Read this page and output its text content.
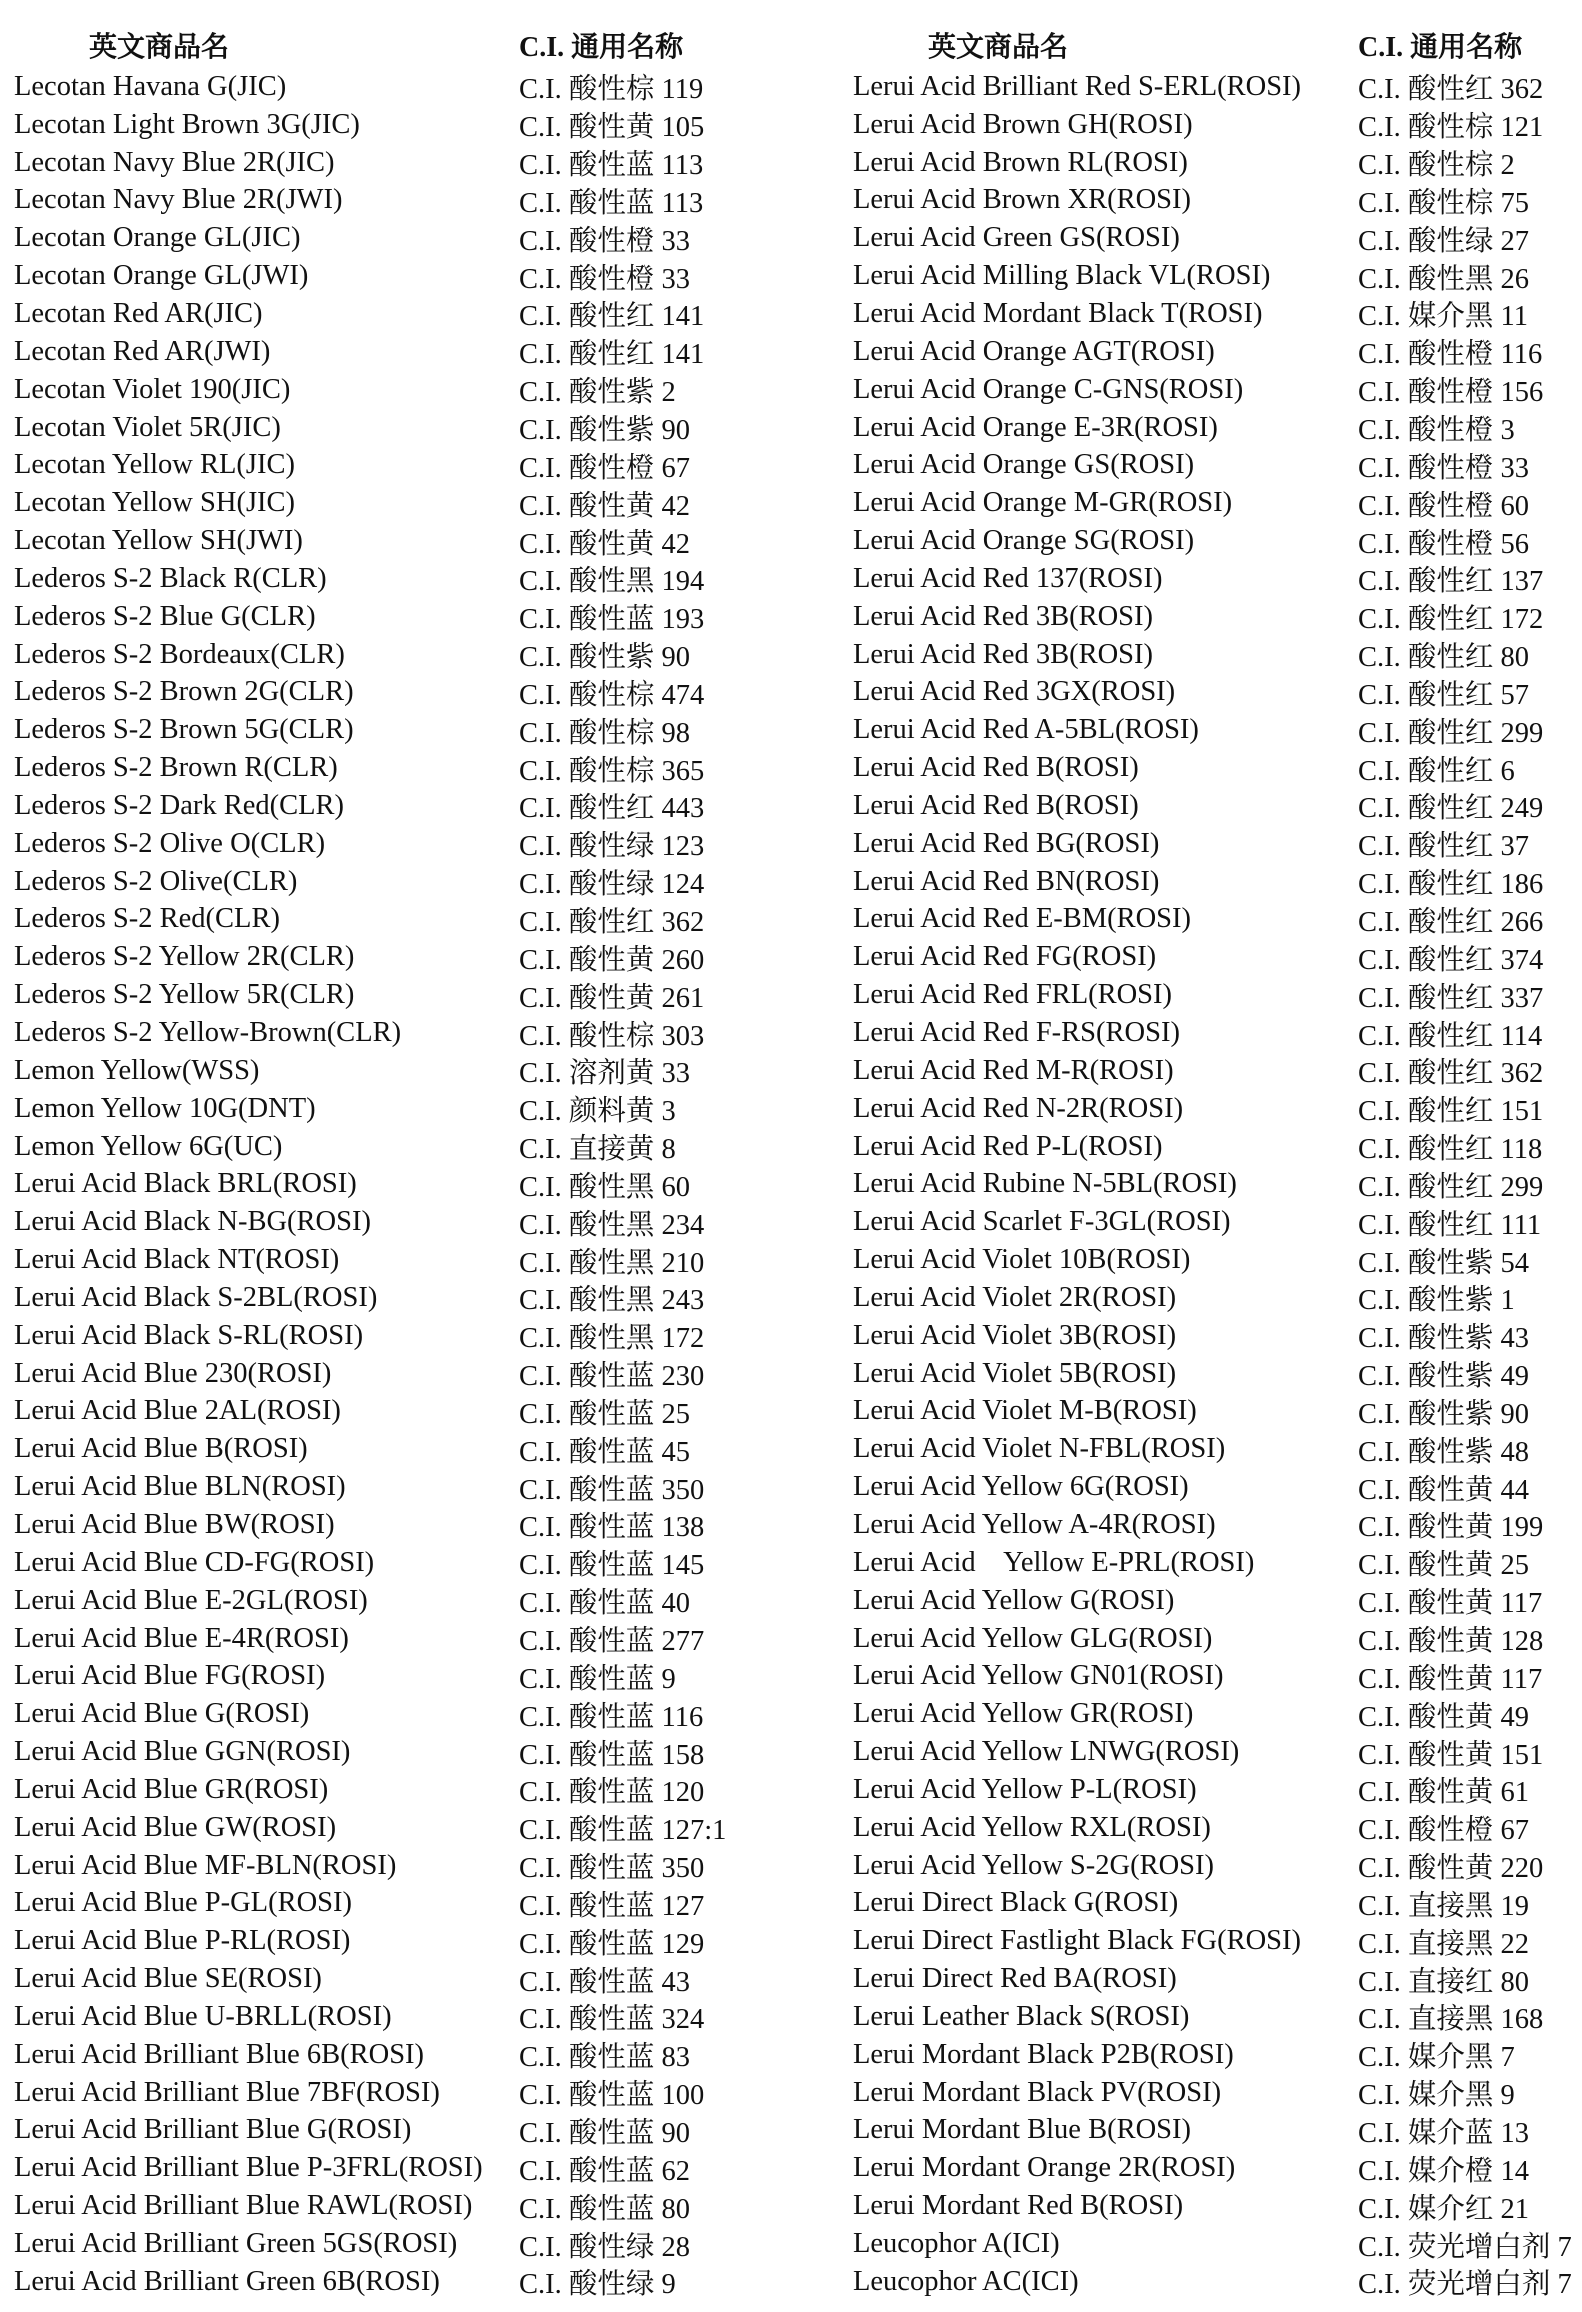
英文商品名	C.I. 通用名称
Lecotan Havana G(JIC)	C.I. 酸性棕 119
Lecotan Light Brown 3G(JIC)	C.I. 酸性黄 105
Lecotan Navy Blue 2R(JIC)	C.I. 酸性蓝 113
Lecotan Navy Blue 2R(JWI)	C.I. 酸性蓝 113
Lecotan Orange GL(JIC)	C.I. 酸性橙 33
Lecotan Orange GL(JWI)	C.I. 酸性橙 33
Lecotan Red AR(JIC)	C.I. 酸性红 141
Lecotan Red AR(JWI)	C.I. 酸性红 141
Lecotan Violet 190(JIC)	C.I. 酸性紫 2
Lecotan Violet 5R(JIC)	C.I. 酸性紫 90
Lecotan Yellow RL(JIC)	C.I. 酸性橙 67
Lecotan Yellow SH(JIC)	C.I. 酸性黄 42
Lecotan Yellow SH(JWI)	C.I. 酸性黄 42
Lederos S-2 Black R(CLR)	C.I. 酸性黑 194
Lederos S-2 Blue G(CLR)	C.I. 酸性蓝 193
Lederos S-2 Bordeaux(CLR)	C.I. 酸性紫 90
Lederos S-2 Brown 2G(CLR)	C.I. 酸性棕 474
Lederos S-2 Brown 5G(CLR)	C.I. 酸性棕 98
Lederos S-2 Brown R(CLR)	C.I. 酸性棕 365
Lederos S-2 Dark Red(CLR)	C.I. 酸性红 443
Lederos S-2 Olive O(CLR)	C.I. 酸性绿 123
Lederos S-2 Olive(CLR)	C.I. 酸性绿 124
Lederos S-2 Red(CLR)	C.I. 酸性红 362
Lederos S-2 Yellow 2R(CLR)	C.I. 酸性黄 260
Lederos S-2 Yellow 5R(CLR)	C.I. 酸性黄 261
Lederos S-2 Yellow-Brown(CLR)	C.I. 酸性棕 303
Lemon Yellow(WSS)	C.I. 溶剂黄 33
Lemon Yellow 10G(DNT)	C.I. 颜料黄 3
Lemon Yellow 6G(UC)	C.I. 直接黄 8
Lerui Acid Black BRL(ROSI)	C.I. 酸性黑 60
Lerui Acid Black N-BG(ROSI)	C.I. 酸性黑 234
Lerui Acid Black NT(ROSI)	C.I. 酸性黑 210
Lerui Acid Black S-2BL(ROSI)	C.I. 酸性黑 243
Lerui Acid Black S-RL(ROSI)	C.I. 酸性黑 172
Lerui Acid Blue 230(ROSI)	C.I. 酸性蓝 230
Lerui Acid Blue 2AL(ROSI)	C.I. 酸性蓝 25
Lerui Acid Blue B(ROSI)	C.I. 酸性蓝 45
Lerui Acid Blue BLN(ROSI)	C.I. 酸性蓝 350
Lerui Acid Blue BW(ROSI)	C.I. 酸性蓝 138
Lerui Acid Blue CD-FG(ROSI)	C.I. 酸性蓝 145
Lerui Acid Blue E-2GL(ROSI)	C.I. 酸性蓝 40
Lerui Acid Blue E-4R(ROSI)	C.I. 酸性蓝 277
Lerui Acid Blue FG(ROSI)	C.I. 酸性蓝 9
Lerui Acid Blue G(ROSI)	C.I. 酸性蓝 116
Lerui Acid Blue GGN(ROSI)	C.I. 酸性蓝 158
Lerui Acid Blue GR(ROSI)	C.I. 酸性蓝 120
Lerui Acid Blue GW(ROSI)	C.I. 酸性蓝 127:1
Lerui Acid Blue MF-BLN(ROSI)	C.I. 酸性蓝 350
Lerui Acid Blue P-GL(ROSI)	C.I. 酸性蓝 127
Lerui Acid Blue P-RL(ROSI)	C.I. 酸性蓝 129
Lerui Acid Blue SE(ROSI)	C.I. 酸性蓝 43
Lerui Acid Blue U-BRLL(ROSI)	C.I. 酸性蓝 324
Lerui Acid Brilliant Blue 6B(ROSI)	C.I. 酸性蓝 83
Lerui Acid Brilliant Blue 7BF(ROSI)	C.I. 酸性蓝 100
Lerui Acid Brilliant Blue G(ROSI)	C.I. 酸性蓝 90
Lerui Acid Brilliant Blue P-3FRL(ROSI)	C.I. 酸性蓝 62
Lerui Acid Brilliant Blue RAWL(ROSI)	C.I. 酸性蓝 80
Lerui Acid Brilliant Green 5GS(ROSI)	C.I. 酸性绿 28
Lerui Acid Brilliant Green 6B(ROSI)	C.I. 酸性绿 9
英文商品名	C.I. 通用名称
Lerui Acid Brilliant Red S-ERL(ROSI)	C.I. 酸性红 362
Lerui Acid Brown GH(ROSI)	C.I. 酸性棕 121
Lerui Acid Brown RL(ROSI)	C.I. 酸性棕 2
Lerui Acid Brown XR(ROSI)	C.I. 酸性棕 75
Lerui Acid Green GS(ROSI)	C.I. 酸性绿 27
Lerui Acid Milling Black VL(ROSI)	C.I. 酸性黑 26
Lerui Acid Mordant Black T(ROSI)	C.I. 媒介黑 11
Lerui Acid Orange AGT(ROSI)	C.I. 酸性橙 116
Lerui Acid Orange C-GNS(ROSI)	C.I. 酸性橙 156
Lerui Acid Orange E-3R(ROSI)	C.I. 酸性橙 3
Lerui Acid Orange GS(ROSI)	C.I. 酸性橙 33
Lerui Acid Orange M-GR(ROSI)	C.I. 酸性橙 60
Lerui Acid Orange SG(ROSI)	C.I. 酸性橙 56
Lerui Acid Red 137(ROSI)	C.I. 酸性红 137
Lerui Acid Red 3B(ROSI)	C.I. 酸性红 172
Lerui Acid Red 3B(ROSI)	C.I. 酸性红 80
Lerui Acid Red 3GX(ROSI)	C.I. 酸性红 57
Lerui Acid Red A-5BL(ROSI)	C.I. 酸性红 299
Lerui Acid Red B(ROSI)	C.I. 酸性红 6
Lerui Acid Red B(ROSI)	C.I. 酸性红 249
Lerui Acid Red BG(ROSI)	C.I. 酸性红 37
Lerui Acid Red BN(ROSI)	C.I. 酸性红 186
Lerui Acid Red E-BM(ROSI)	C.I. 酸性红 266
Lerui Acid Red FG(ROSI)	C.I. 酸性红 374
Lerui Acid Red FRL(ROSI)	C.I. 酸性红 337
Lerui Acid Red F-RS(ROSI)	C.I. 酸性红 114
Lerui Acid Red M-R(ROSI)	C.I. 酸性红 362
Lerui Acid Red N-2R(ROSI)	C.I. 酸性红 151
Lerui Acid Red P-L(ROSI)	C.I. 酸性红 118
Lerui Acid Rubine N-5BL(ROSI)	C.I. 酸性红 299
Lerui Acid Scarlet F-3GL(ROSI)	C.I. 酸性红 111
Lerui Acid Violet 10B(ROSI)	C.I. 酸性紫 54
Lerui Acid Violet 2R(ROSI)	C.I. 酸性紫 1
Lerui Acid Violet 3B(ROSI)	C.I. 酸性紫 43
Lerui Acid Violet 5B(ROSI)	C.I. 酸性紫 49
Lerui Acid Violet M-B(ROSI)	C.I. 酸性紫 90
Lerui Acid Violet N-FBL(ROSI)	C.I. 酸性紫 48
Lerui Acid Yellow 6G(ROSI)	C.I. 酸性黄 44
Lerui Acid Yellow A-4R(ROSI)	C.I. 酸性黄 199
Lerui Acid    Yellow E-PRL(ROSI)	C.I. 酸性黄 25
Lerui Acid Yellow G(ROSI)	C.I. 酸性黄 117
Lerui Acid Yellow GLG(ROSI)	C.I. 酸性黄 128
Lerui Acid Yellow GN01(ROSI)	C.I. 酸性黄 117
Lerui Acid Yellow GR(ROSI)	C.I. 酸性黄 49
Lerui Acid Yellow LNWG(ROSI)	C.I. 酸性黄 151
Lerui Acid Yellow P-L(ROSI)	C.I. 酸性黄 61
Lerui Acid Yellow RXL(ROSI)	C.I. 酸性橙 67
Lerui Acid Yellow S-2G(ROSI)	C.I. 酸性黄 220
Lerui Direct Black G(ROSI)	C.I. 直接黑 19
Lerui Direct Fastlight Black FG(ROSI)	C.I. 直接黑 22
Lerui Direct Red BA(ROSI)	C.I. 直接红 80
Lerui Leather Black S(ROSI)	C.I. 直接黑 168
Lerui Mordant Black P2B(ROSI)	C.I. 媒介黑 7
Lerui Mordant Black PV(ROSI)	C.I. 媒介黑 9
Lerui Mordant Blue B(ROSI)	C.I. 媒介蓝 13
Lerui Mordant Orange 2R(ROSI)	C.I. 媒介橙 14
Lerui Mordant Red B(ROSI)	C.I. 媒介红 21
Leucophor A(ICI)	C.I. 荧光增白剂 7
Leucophor AC(ICI)	C.I. 荧光增白剂 7
